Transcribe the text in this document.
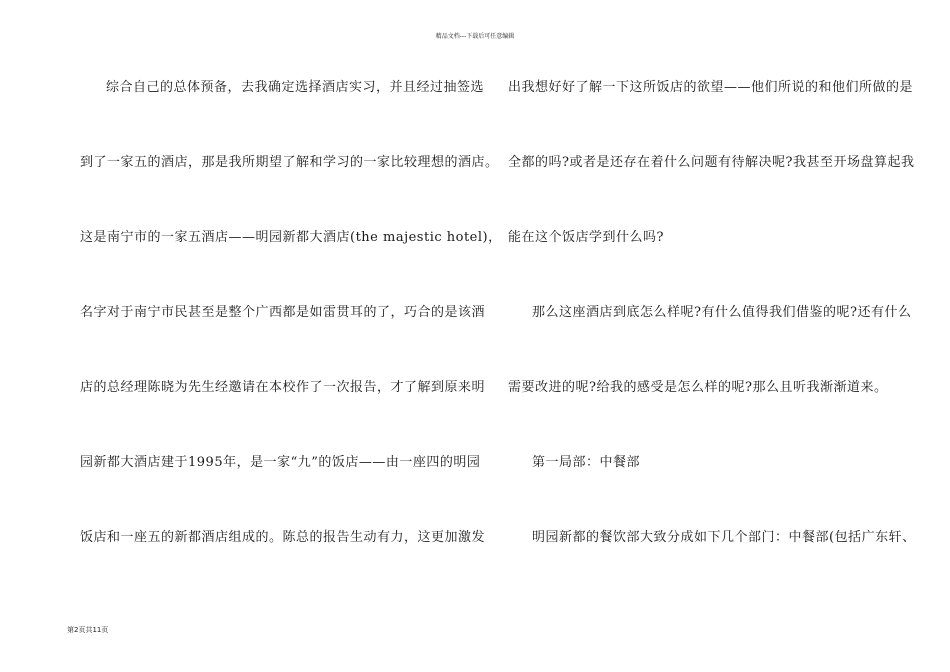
精品文档---下载后可任意编辑
综合自己的总体预备，去我确定选择酒店实习，并且经过抽签选
到了一家五的酒店，那是我所期望了解和学习的一家比较理想的酒店。
这是南宁市的一家五酒店——明园新都大酒店(the majestic hotel)，
名字对于南宁市民甚至是整个广西都是如雷贯耳的了，巧合的是该酒
店的总经理陈晓为先生经邀请在本校作了一次报告，才了解到原来明
园新都大酒店建于1995年，是一家“九”的饭店——由一座四的明园
饭店和一座五的新都酒店组成的。陈总的报告生动有力，这更加激发
出我想好好了解一下这所饭店的欲望——他们所说的和他们所做的是
全都的吗?或者是还存在着什么问题有待解决呢?我甚至开场盘算起我
能在这个饭店学到什么吗?
那么这座酒店到底怎么样呢?有什么值得我们借鉴的呢?还有什么
需要改进的呢?给我的感受是怎么样的呢?那么且听我渐渐道来。
第一局部：中餐部
明园新都的餐饮部大致分成如下几个部门：中餐部(包括广东轩、
第2页共11页
